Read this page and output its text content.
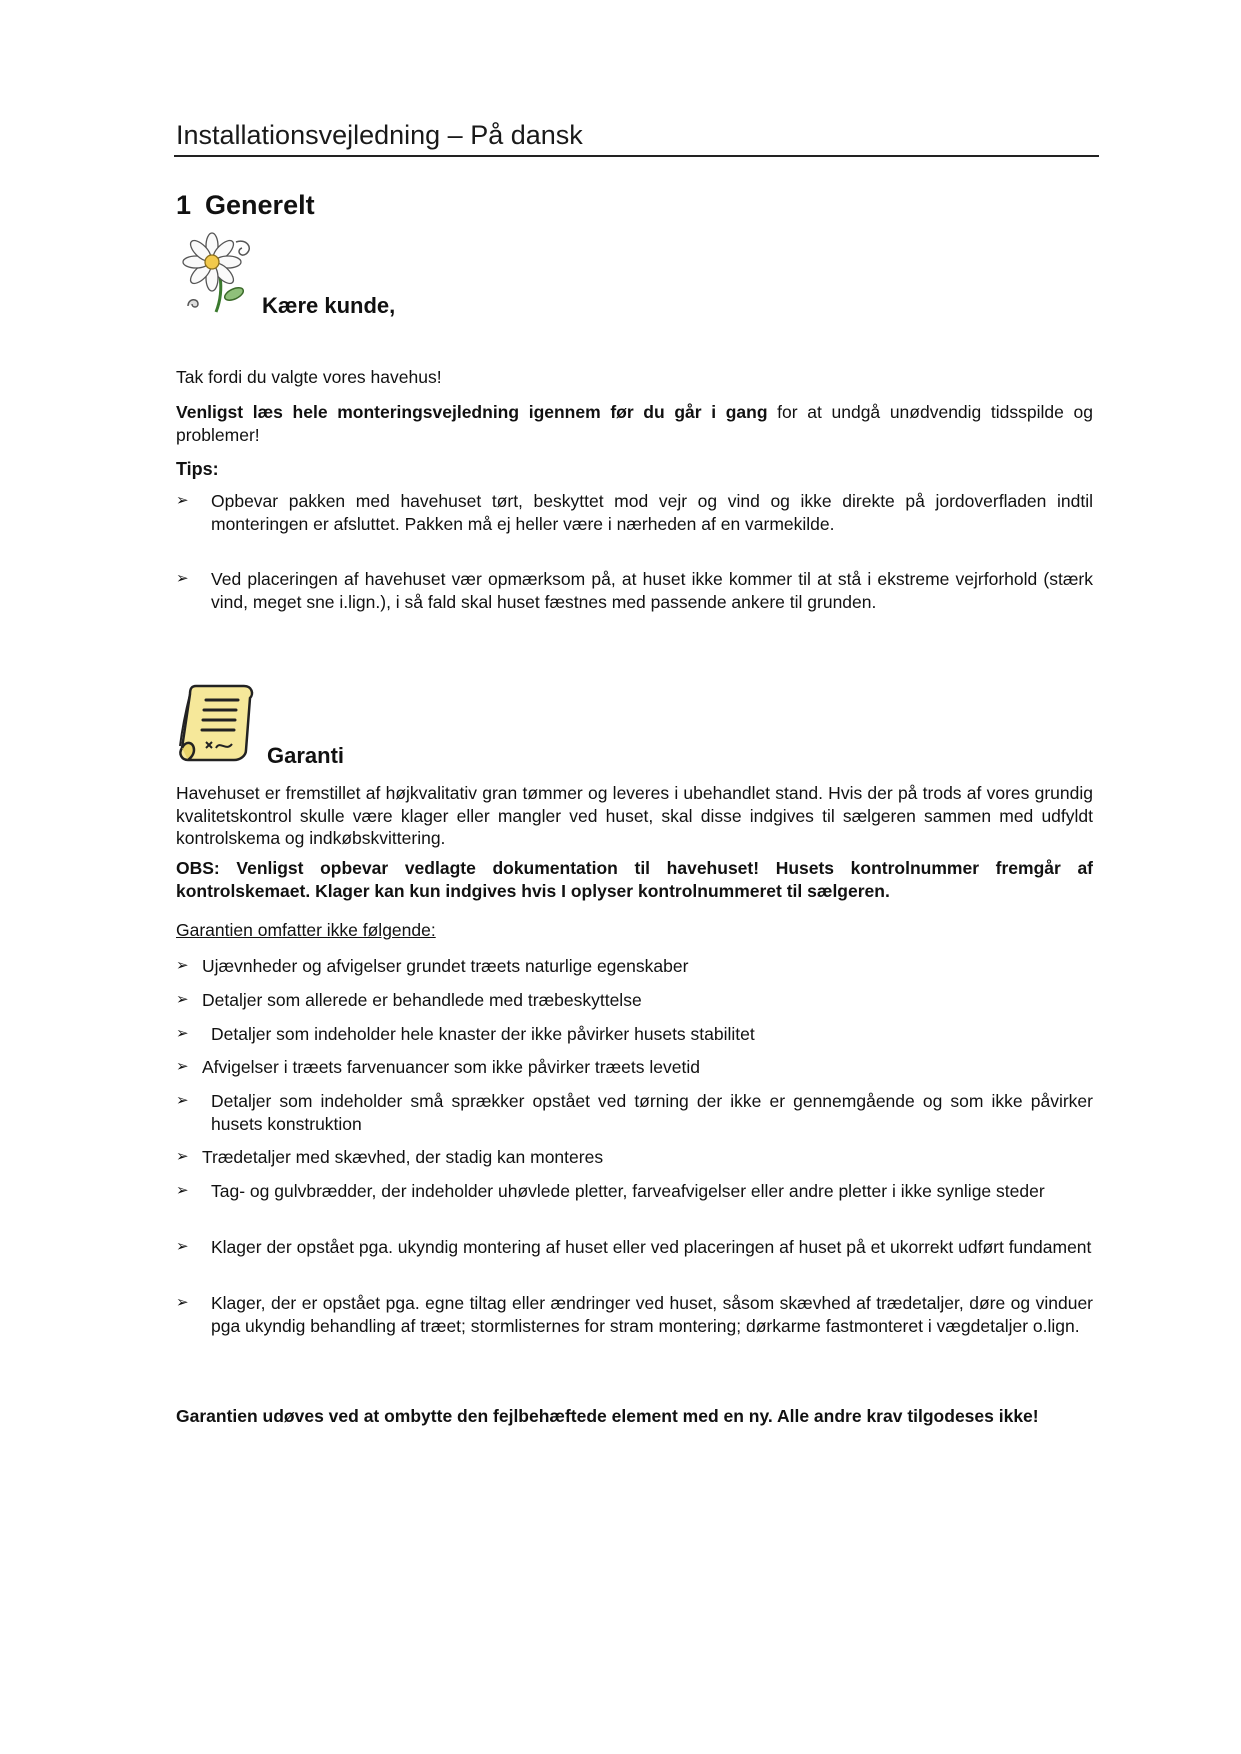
Installationsvejledning – På dansk
1 Generelt
Kære kunde,
Tak fordi du valgte vores havehus!
Venligst læs hele monteringsvejledning igennem før du går i gang for at undgå unødvendig tidsspilde og problemer!
Tips:
➢ Opbevar pakken med havehuset tørt, beskyttet mod vejr og vind og ikke direkte på jordoverfladen indtil monteringen er afsluttet. Pakken må ej heller være i nærheden af en varmekilde.
➢ Ved placeringen af havehuset vær opmærksom på, at huset ikke kommer til at stå i ekstreme vejrforhold (stærk vind, meget sne i.lign.), i så fald skal huset fæstnes med passende ankere til grunden.
Garanti
Havehuset er fremstillet af højkvalitativ gran tømmer og leveres i ubehandlet stand. Hvis der på trods af vores grundig kvalitetskontrol skulle være klager eller mangler ved huset, skal disse indgives til sælgeren sammen med udfyldt kontrolskema og indkøbskvittering.
OBS: Venligst opbevar vedlagte dokumentation til havehuset! Husets kontrolnummer fremgår af kontrolskemaet. Klager kan kun indgives hvis I oplyser kontrolnummeret til sælgeren.
Garantien omfatter ikke følgende:
➢ Ujævnheder og afvigelser grundet træets naturlige egenskaber
➢ Detaljer som allerede er behandlede med træbeskyttelse
➢ Detaljer som indeholder hele knaster der ikke påvirker husets stabilitet
➢ Afvigelser i træets farvenuancer som ikke påvirker træets levetid
➢ Detaljer som indeholder små sprækker opstået ved tørning der ikke er gennemgående og som ikke påvirker husets konstruktion
➢ Trædetaljer med skævhed, der stadig kan monteres
➢ Tag- og gulvbrædder, der indeholder uhøvlede pletter, farveafvigelser eller andre pletter i ikke synlige steder
➢ Klager der opstået pga. ukyndig montering af huset eller ved placeringen af huset på et ukorrekt udført fundament
➢ Klager, der er opstået pga. egne tiltag eller ændringer ved huset, såsom skævhed af trædetaljer, døre og vinduer pga ukyndig behandling af træet; stormlisternes for stram montering; dørkarme fastmonteret i vægdetaljer o.lign.
Garantien udøves ved at ombytte den fejlbehæftede element med en ny. Alle andre krav tilgodeses ikke!
